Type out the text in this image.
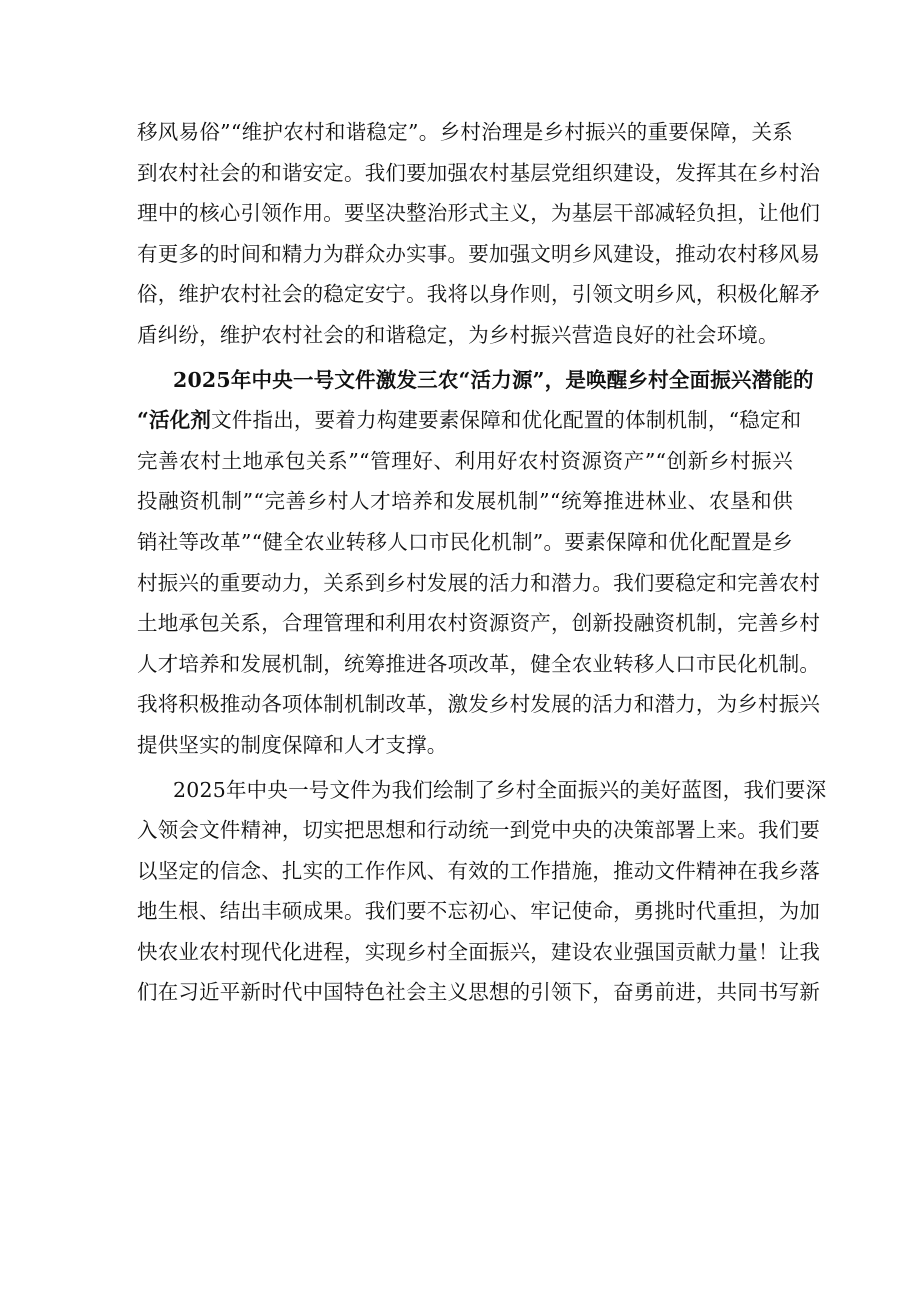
移风易俗”“维护农村和谐稳定”。乡村治理是乡村振兴的重要保障，关系
到农村社会的和谐安定。我们要加强农村基层党组织建设，发挥其在乡村治
理中的核心引领作用。要坚决整治形式主义，为基层干部减轻负担，让他们
有更多的时间和精力为群众办实事。要加强文明乡风建设，推动农村移风易
俗，维护农村社会的稳定安宁。我将以身作则，引领文明乡风，积极化解矛
盾纠纷，维护农村社会的和谐稳定，为乡村振兴营造良好的社会环境。
2025年中央一号文件激发三农“活力源”，是唤醒乡村全面振兴潜能的
“活化剂文件指出，要着力构建要素保障和优化配置的体制机制，“稳定和
完善农村土地承包关系”“管理好、利用好农村资源资产”“创新乡村振兴
投融资机制”“完善乡村人才培养和发展机制”“统筹推进林业、农垦和供
销社等改革”“健全农业转移人口市民化机制”。要素保障和优化配置是乡
村振兴的重要动力，关系到乡村发展的活力和潜力。我们要稳定和完善农村
土地承包关系，合理管理和利用农村资源资产，创新投融资机制，完善乡村
人才培养和发展机制，统筹推进各项改革，健全农业转移人口市民化机制。
我将积极推动各项体制机制改革，激发乡村发展的活力和潜力，为乡村振兴
提供坚实的制度保障和人才支撑。
2025年中央一号文件为我们绘制了乡村全面振兴的美好蓝图，我们要深
入领会文件精神，切实把思想和行动统一到党中央的决策部署上来。我们要
以坚定的信念、扎实的工作作风、有效的工作措施，推动文件精神在我乡落
地生根、结出丰硕成果。我们要不忘初心、牢记使命，勇挑时代重担，为加
快农业农村现代化进程，实现乡村全面振兴，建设农业强国贡献力量！让我
们在习近平新时代中国特色社会主义思想的引领下，奋勇前进，共同书写新
